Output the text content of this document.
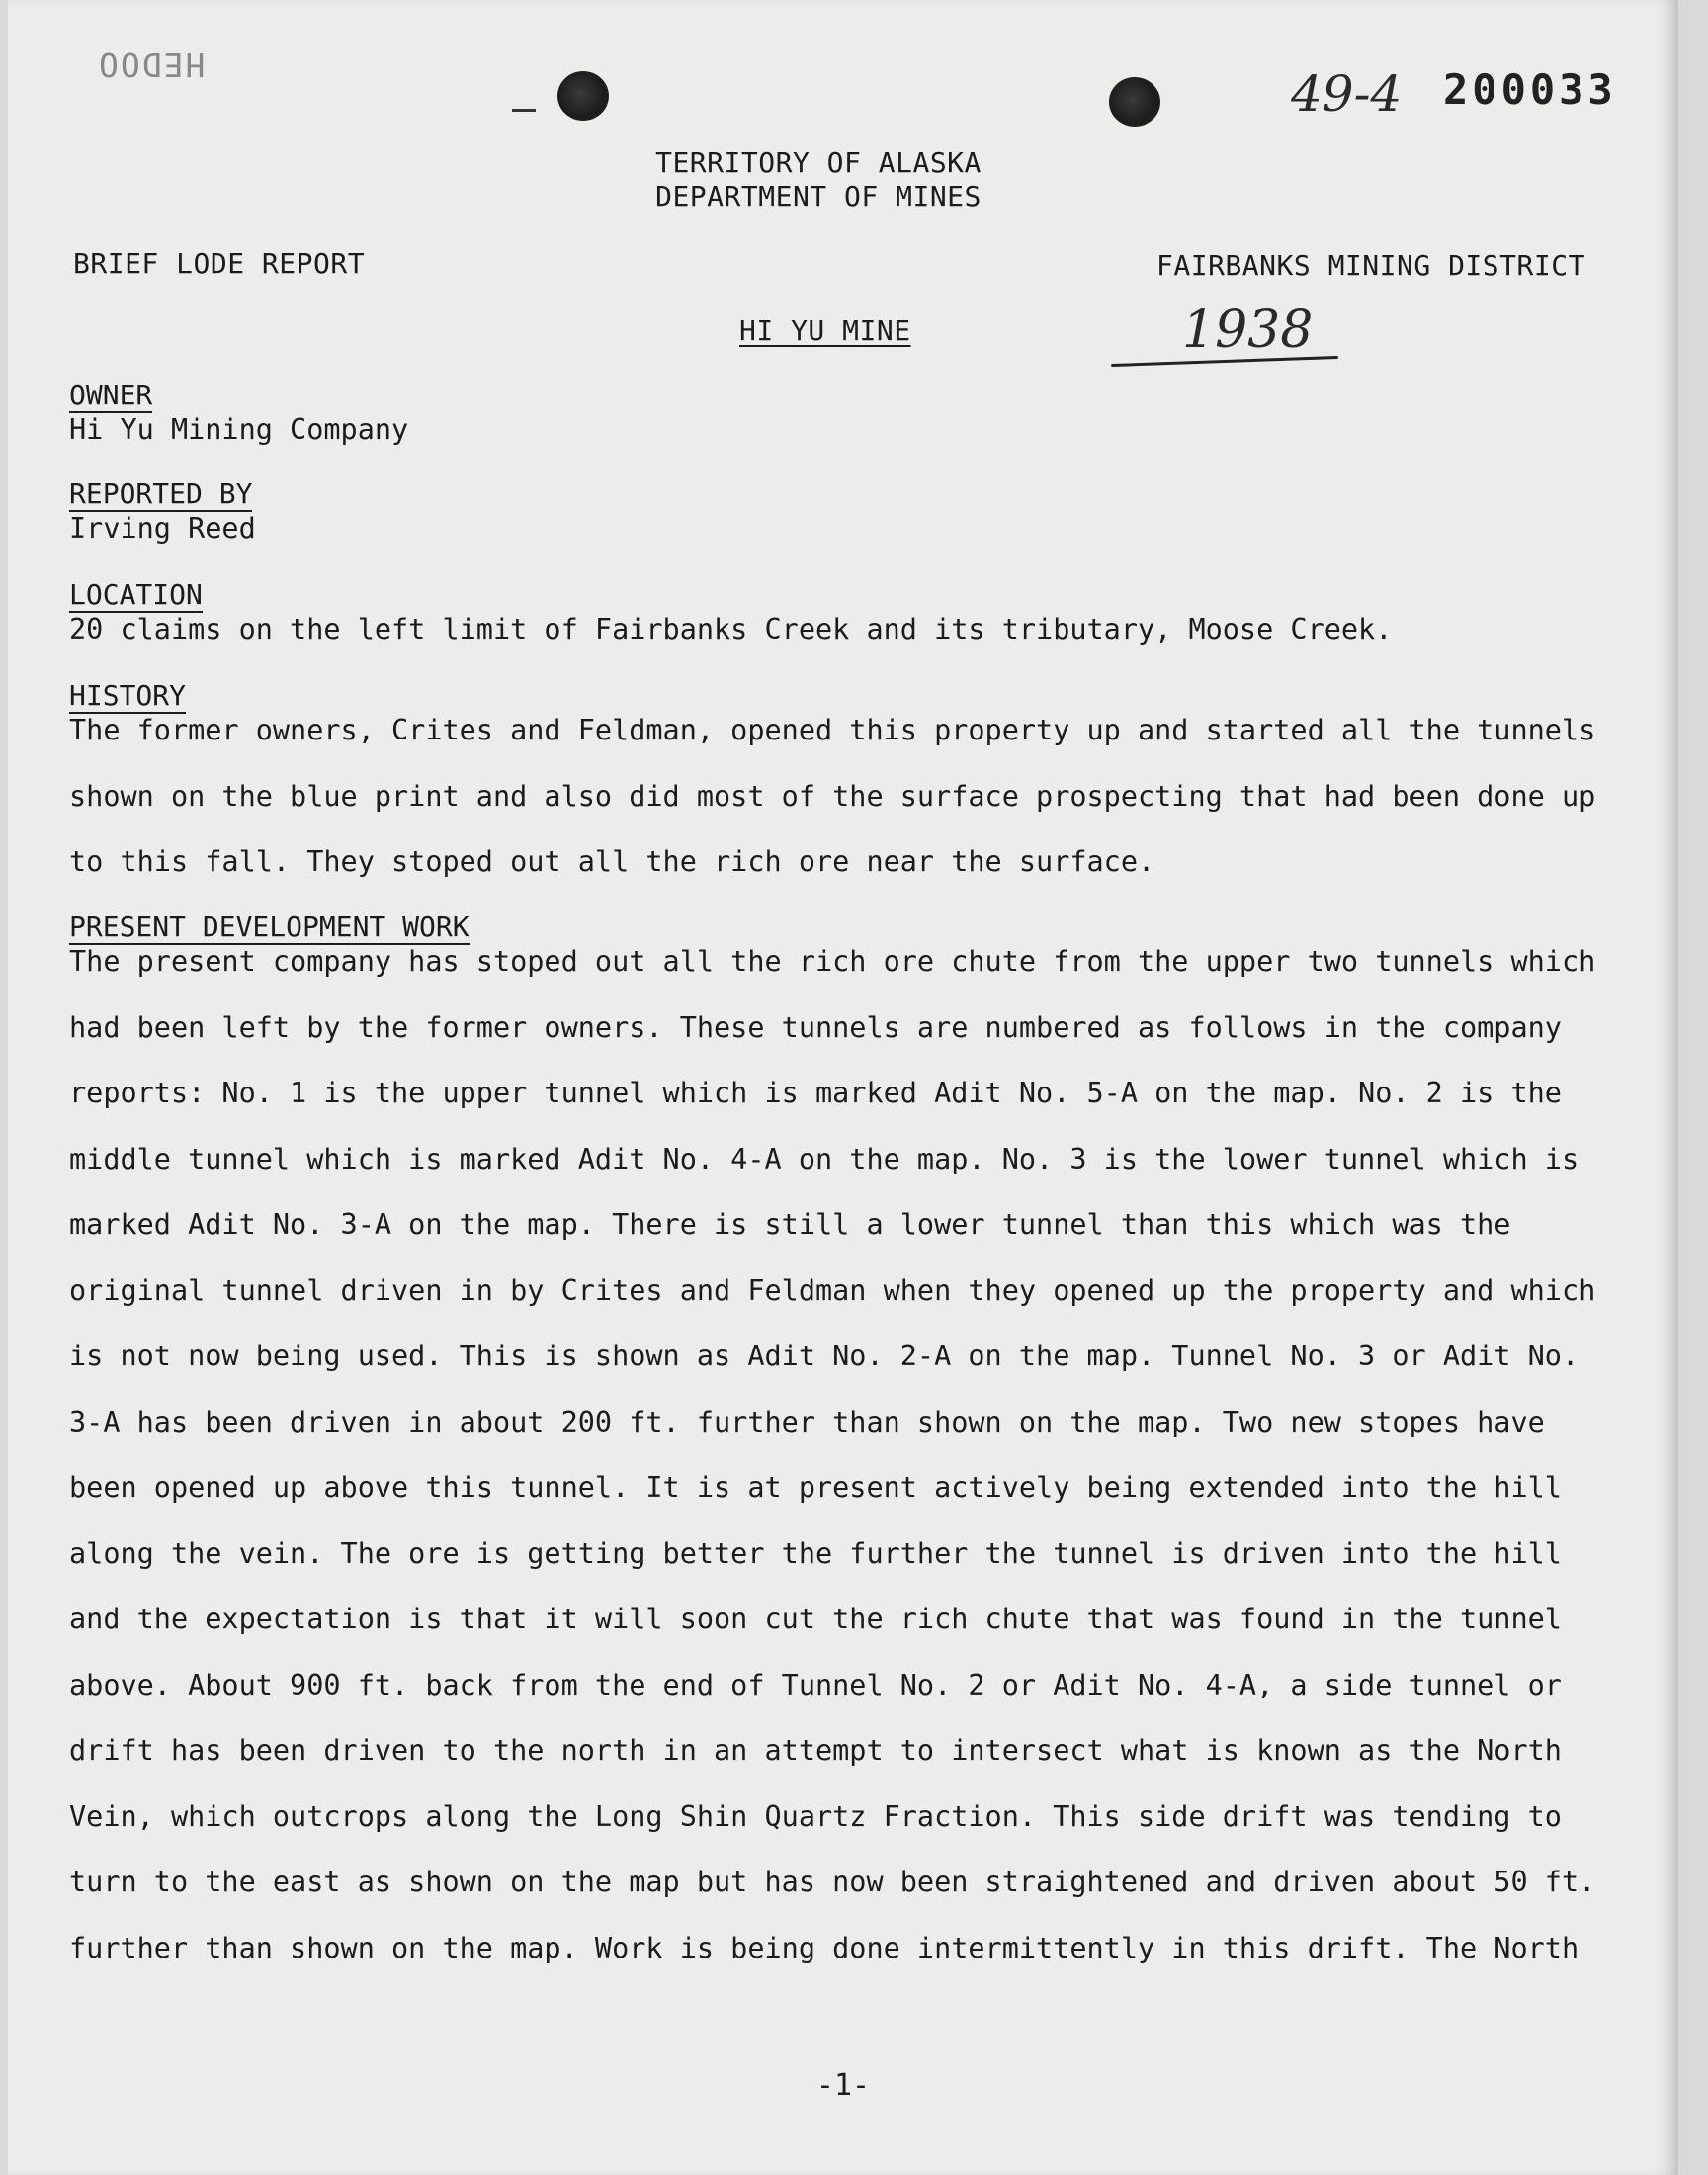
HEDOO
49-4 200033
TERRITORY OF ALASKA
DEPARTMENT OF MINES
BRIEF LODE REPORT	FAIRBANKS MINING DISTRICT
HI YU MINE	1938
OWNER
Hi Yu Mining Company
REPORTED BY
Irving Reed
LOCATION
20 claims on the left limit of Fairbanks Creek and its tributary, Moose Creek.
HISTORY
The former owners, Crites and Feldman, opened this property up and started all the tunnels
shown on the blue print and also did most of the surface prospecting that had been done up
to this fall. They stoped out all the rich ore near the surface.
PRESENT DEVELOPMENT WORK
The present company has stoped out all the rich ore chute from the upper two tunnels which
had been left by the former owners. These tunnels are numbered as follows in the company
reports: No. 1 is the upper tunnel which is marked Adit No. 5-A on the map. No. 2 is the
middle tunnel which is marked Adit No. 4-A on the map. No. 3 is the lower tunnel which is
marked Adit No. 3-A on the map. There is still a lower tunnel than this which was the
original tunnel driven in by Crites and Feldman when they opened up the property and which
is not now being used. This is shown as Adit No. 2-A on the map. Tunnel No. 3 or Adit No.
3-A has been driven in about 200 ft. further than shown on the map. Two new stopes have
been opened up above this tunnel. It is at present actively being extended into the hill
along the vein. The ore is getting better the further the tunnel is driven into the hill
and the expectation is that it will soon cut the rich chute that was found in the tunnel
above. About 900 ft. back from the end of Tunnel No. 2 or Adit No. 4-A, a side tunnel or
drift has been driven to the north in an attempt to intersect what is known as the North
Vein, which outcrops along the Long Shin Quartz Fraction. This side drift was tending to
turn to the east as shown on the map but has now been straightened and driven about 50 ft.
further than shown on the map. Work is being done intermittently in this drift. The North
-1-
